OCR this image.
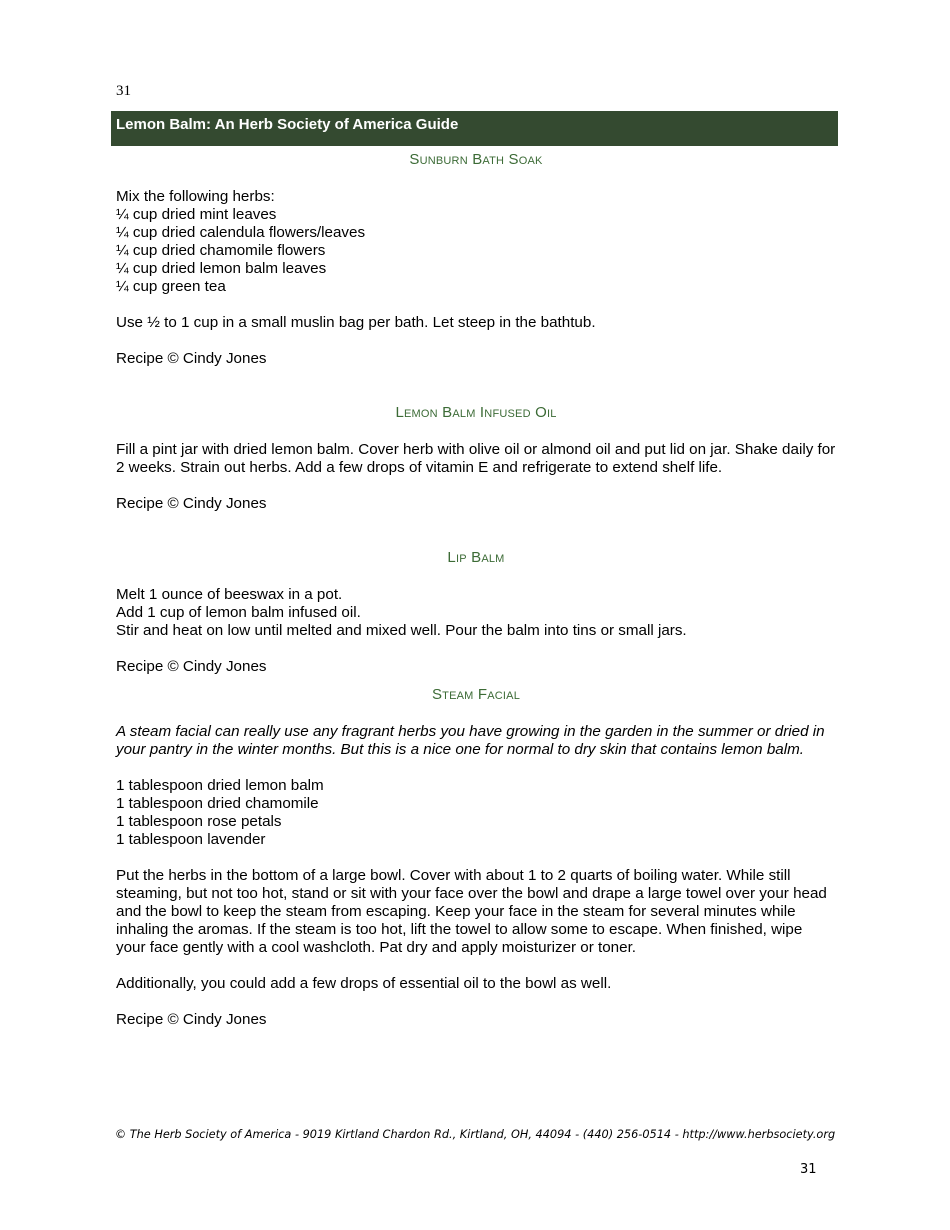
31
Lemon Balm: An Herb Society of America Guide
Sunburn Bath Soak

Mix the following herbs:

¼ cup dried mint leaves

¼ cup dried calendula flowers/leaves

¼ cup dried chamomile flowers

¼ cup dried lemon balm leaves

¼ cup green tea

Use ½ to 1 cup in a small muslin bag per bath. Let steep in the bathtub.

Recipe © Cindy Jones

Lemon Balm Infused Oil

Fill a pint jar with dried lemon balm. Cover herb with olive oil or almond oil and put lid on jar. Shake daily for 2 weeks. Strain out herbs. Add a few drops of vitamin E and refrigerate to extend shelf life.

Recipe © Cindy Jones

Lip Balm

Melt 1 ounce of beeswax in a pot.

Add 1 cup of lemon balm infused oil.

Stir and heat on low until melted and mixed well. Pour the balm into tins or small jars.

Recipe © Cindy Jones

Steam Facial

A steam facial can really use any fragrant herbs you have growing in the garden in the summer or dried in your pantry in the winter months. But this is a nice one for normal to dry skin that contains lemon balm.

1 tablespoon dried lemon balm

1 tablespoon dried chamomile

1 tablespoon rose petals

1 tablespoon lavender

Put the herbs in the bottom of a large bowl. Cover with about 1 to 2 quarts of boiling water. While still steaming, but not too hot, stand or sit with your face over the bowl and drape a large towel over your head and the bowl to keep the steam from escaping. Keep your face in the steam for several minutes while inhaling the aromas. If the steam is too hot, lift the towel to allow some to escape. When finished, wipe your face gently with a cool washcloth. Pat dry and apply moisturizer or toner.

Additionally, you could add a few drops of essential oil to the bowl as well.

Recipe © Cindy Jones

© The Herb Society of America - 9019 Kirtland Chardon Rd., Kirtland, OH, 44094 - (440) 256-0514 - http://www.herbsociety.org
31
